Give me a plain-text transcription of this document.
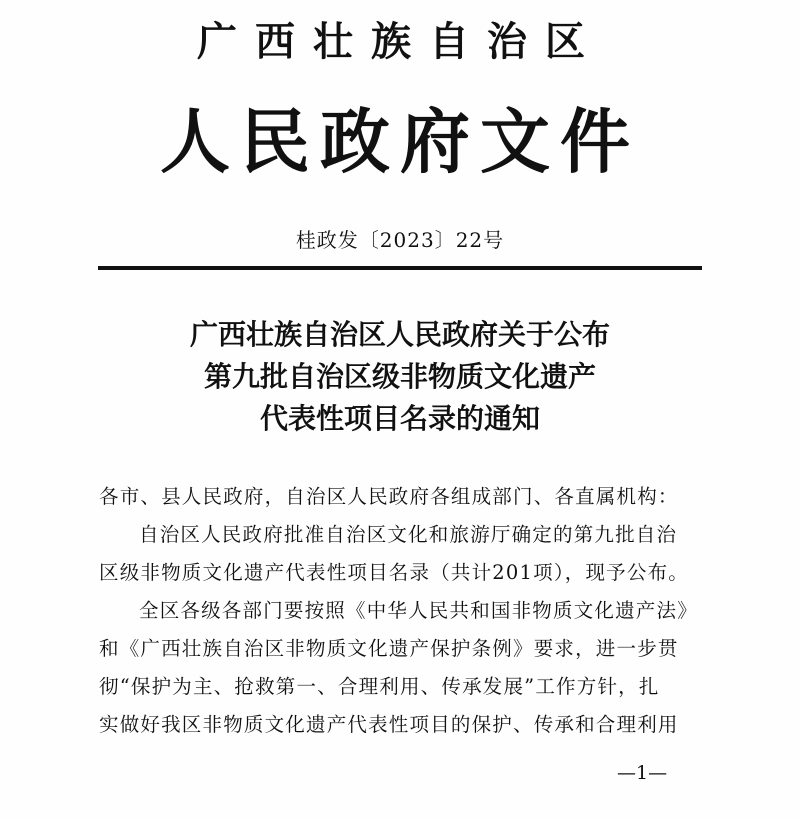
广西壮族自治区
人民政府文件
桂政发〔2023〕22号
广西壮族自治区人民政府关于公布
第九批自治区级非物质文化遗产
代表性项目名录的通知

各市、县人民政府，自治区人民政府各组成部门、各直属机构：

自治区人民政府批准自治区文化和旅游厅确定的第九批自治

区级非物质文化遗产代表性项目名录（共计201项），现予公布。

全区各级各部门要按照《中华人民共和国非物质文化遗产法》

和《广西壮族自治区非物质文化遗产保护条例》要求，进一步贯

彻“保护为主、抢救第一、合理利用、传承发展”工作方针，扎

实做好我区非物质文化遗产代表性项目的保护、传承和合理利用

—1—
